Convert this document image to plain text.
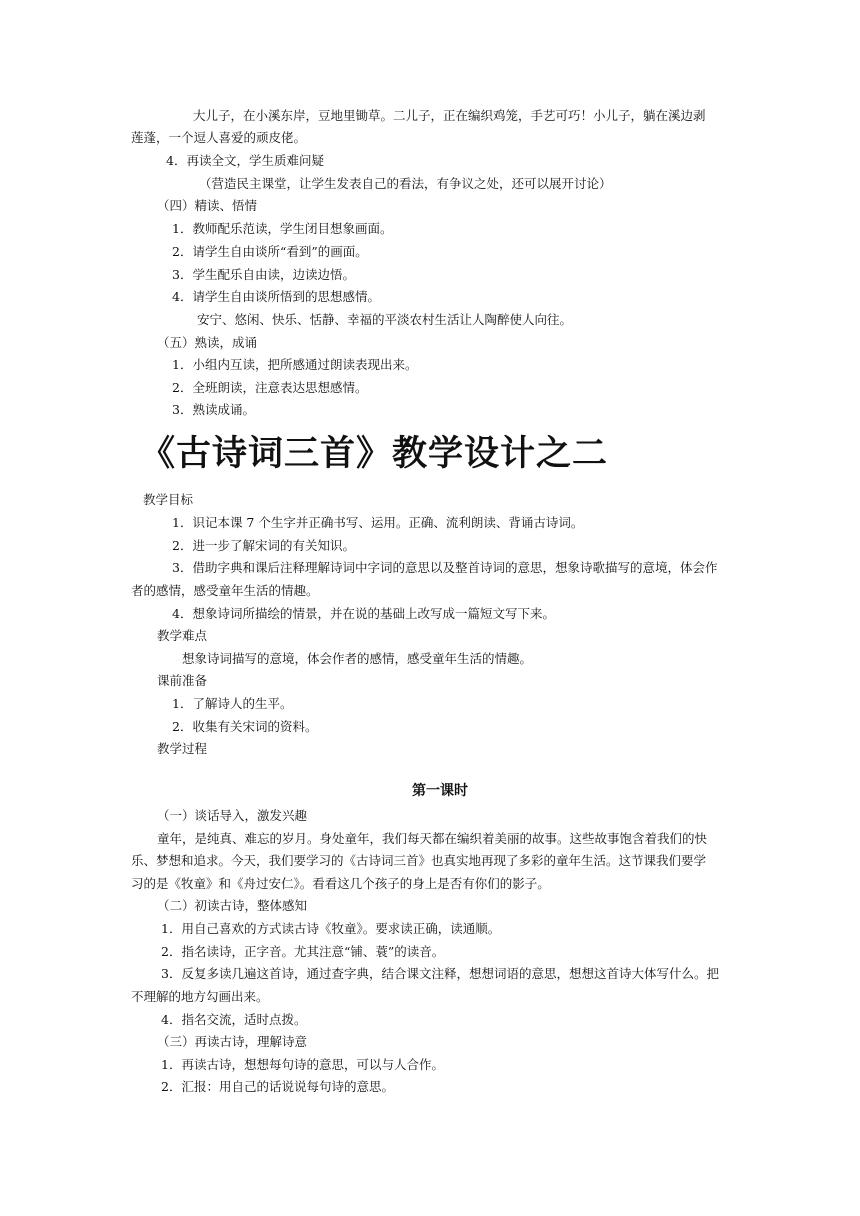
大儿子，在小溪东岸，豆地里锄草。二儿子，正在编织鸡笼，手艺可巧！小儿子，躺在溪边剥
莲蓬，一个逗人喜爱的顽皮佬。
4．再读全文，学生质难问疑
（营造民主课堂，让学生发表自己的看法，有争议之处，还可以展开讨论）
（四）精读、悟情
1．教师配乐范读，学生闭目想象画面。
2．请学生自由谈所“看到”的画面。
3．学生配乐自由读，边读边悟。
4．请学生自由谈所悟到的思想感情。
安宁、悠闲、快乐、恬静、幸福的平淡农村生活让人陶醉使人向往。
（五）熟读，成诵
1．小组内互读，把所感通过朗读表现出来。
2．全班朗读，注意表达思想感情。
3．熟读成诵。
《古诗词三首》教学设计之二
教学目标
1．识记本课 7 个生字并正确书写、运用。正确、流利朗读、背诵古诗词。
2．进一步了解宋词的有关知识。
3．借助字典和课后注释理解诗词中字词的意思以及整首诗词的意思，想象诗歌描写的意境，体会作
者的感情，感受童年生活的情趣。
4．想象诗词所描绘的情景，并在说的基础上改写成一篇短文写下来。
教学难点
想象诗词描写的意境，体会作者的感情，感受童年生活的情趣。
课前准备
1．了解诗人的生平。
2．收集有关宋词的资料。
教学过程
第一课时
（一）谈话导入，激发兴趣
童年，是纯真、难忘的岁月。身处童年，我们每天都在编织着美丽的故事。这些故事饱含着我们的快
乐、梦想和追求。今天，我们要学习的《古诗词三首》也真实地再现了多彩的童年生活。这节课我们要学
习的是《牧童》和《舟过安仁》。看看这几个孩子的身上是否有你们的影子。
（二）初读古诗，整体感知
1．用自己喜欢的方式读古诗《牧童》。要求读正确，读通顺。
2．指名读诗，正字音。尤其注意“铺、蓑”的读音。
3．反复多读几遍这首诗，通过查字典，结合课文注释，想想词语的意思，想想这首诗大体写什么。把
不理解的地方勾画出来。
4．指名交流，适时点拨。
（三）再读古诗，理解诗意
1．再读古诗，想想每句诗的意思，可以与人合作。
2．汇报：用自己的话说说每句诗的意思。
